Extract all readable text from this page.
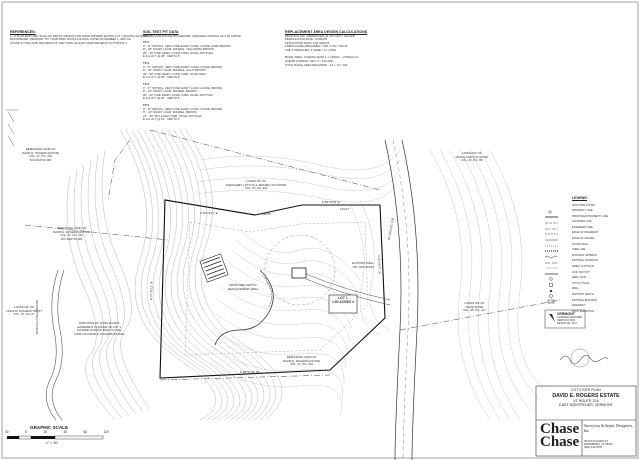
REFERENCES:
A. 1) PLAN ENTITLED "PLAN OF SEPTIC DESIGN FOR DAVID ROGERS ESTATE LOT 1 ROUTE 12A NORTH
MONTPELIER, VERMONT" BY YOUR FIRM, DIXON & EVANS, DATED NOVEMBER 1, 2007 AS
FOUND IN THE LAND RECORDS OF THE TOWN OF EAST MONTPELIER IN PLAT BOOK 1
SOIL TEST PIT DATA
MAXIMUM DRAINAGE PROCEDURE: ASSUMED LOADING OF 0.66 GPD/SF
TP-1
0" - 8" TOPSOIL, VERY FINE SANDY LOAM, LOOSE, DARK BROWN
8" - 28" SANDY LOAM, FRIABLE, YELLOWISH BROWN
28" - 60" FINE SANDY LOAM, FIRM, OLIVE, MOTTLES
E.S.H.W.T. @ 28" · DEPTH 5'
TP-2
0" - 8" TOPSOIL, VERY FINE SANDY LOAM, LOOSE, BROWN
8" - 30" SANDY LOAM, FRIABLE, LIGHT BROWN
30" - 58" FINE SANDY LOAM, FIRM, OLIVE GRAY
E.S.H.W.T. @ 30" · DEPTH 5'
TP-3
0" - 6" TOPSOIL, VERY FINE SANDY LOAM, LOOSE, BROWN
6" - 26" SANDY LOAM, FRIABLE, BROWN
26" - 60" FINE SANDY LOAM, FIRM, OLIVE, MOTTLES
E.S.H.W.T. @ 26" · DEPTH 5'
TP-4
0" - 8" TOPSOIL, VERY FINE SANDY LOAM, LOOSE, BROWN
8" - 24" SANDY LOAM, FRIABLE, BROWN
24" - 60" SILT LOAM, FIRM, OLIVE, MOTTLES
E.S.H.W.T. @ 24" · DEPTH 5'
REPLACEMENT AREA DESIGN CALCULATIONS
DESIGN FLOW: 3 BEDROOMS @ 140 GPD = 420 GPD
PERCOLATION RATE: 10 MIN/IN
APPLICATION RATE: 0.66 GPD/SF
TRENCH AREA REQUIRED = 420 / 0.66 = 636 SF
USE 3 TRENCHES, 3' WIDE x 72' LONG
BASAL AREA: LOADING RATE 1.1 GPD/LF · HYDRAULIC
LINEAR LOADING: 420 / 3 = 140 GPD
TOTAL BASAL AREA REQUIRED · 4.5 × 72 = 324
REMAINING LAND OF
DAVID E. ROGERS ESTATE
VOL. 47, PG. 310
TAX MAP 06-001
REMAINING LAND OF
DAVID E. ROGERS ESTATE
VOL. 47, PG. 310
TAX MAP 06-001
LANDS N/F OF
MARGARET LOTTUS & JEFFREY RAYMOND
VOL. 60, PG. 402
LANDS N/F OF
JANICE GRIFFITH ROSE
VOL. 84, PG. 88
LANDS N/F OF
LINDA M. ROGERS TRUST
VOL. 97, PG. 27
LANDS N/F OF
DAVID ROSE
VOL. 88, PG. 217
REMAINING LAND OF
DAVID E. ROGERS ESTATE
VOL. 47, PG. 310
LOT 1
1.90 ACRES ±
PORTIONS OF TOWN ROADS
EASEMENT IN FAVOR OF LOT 1
EXTEND ACROSS ROW TO THE
LAND OF DAVID E. ROGERS ESTATE
VT ROUTE 12A
INTERMITTENT STREAM
EXISTING WELL
100' ISOLATION
PROPOSED SEPTIC
REPLACEMENT AREA
S 66°18'11" E
S 88°30'49" E
S 04°39'07" W
N 86°51'40" W
N 07°45'13" W
298.65'
143.37'
LEGEND
IRON PIPE FOUND
PROPERTY LINE
PROPOSED PROPERTY LINE
ADJOINER LINE
EASEMENT LINE
EDGE OF PAVEMENT
EDGE OF GRAVEL
STONE WALL
TREE LINE
BUILDING SETBACK
EXISTING CONTOUR
INDEX CONTOUR
SOIL TEST PIT
PERC TEST
UTILITY POLE
WELL
EXISTING SEPTIC
EXISTING BUILDING
DRIVEWAY
SPOT ELEVATION
VERMONT
LICENSED DESIGNER
CERTIFICATION
DESIGN NO. 3127
GRAPHIC SCALE
30	0	15	30	60	120
1" = 30'
LOT 2 SITE PLAN
DAVID E. ROGERS ESTATE
VT ROUTE 12A
EAST MONTPELIER, VERMONT
Chase
Chase
Surveyors & Septic Designers, Inc.
35 SOUTH MAIN ST
WATERBURY, VT 05676
(802) 244-7878
